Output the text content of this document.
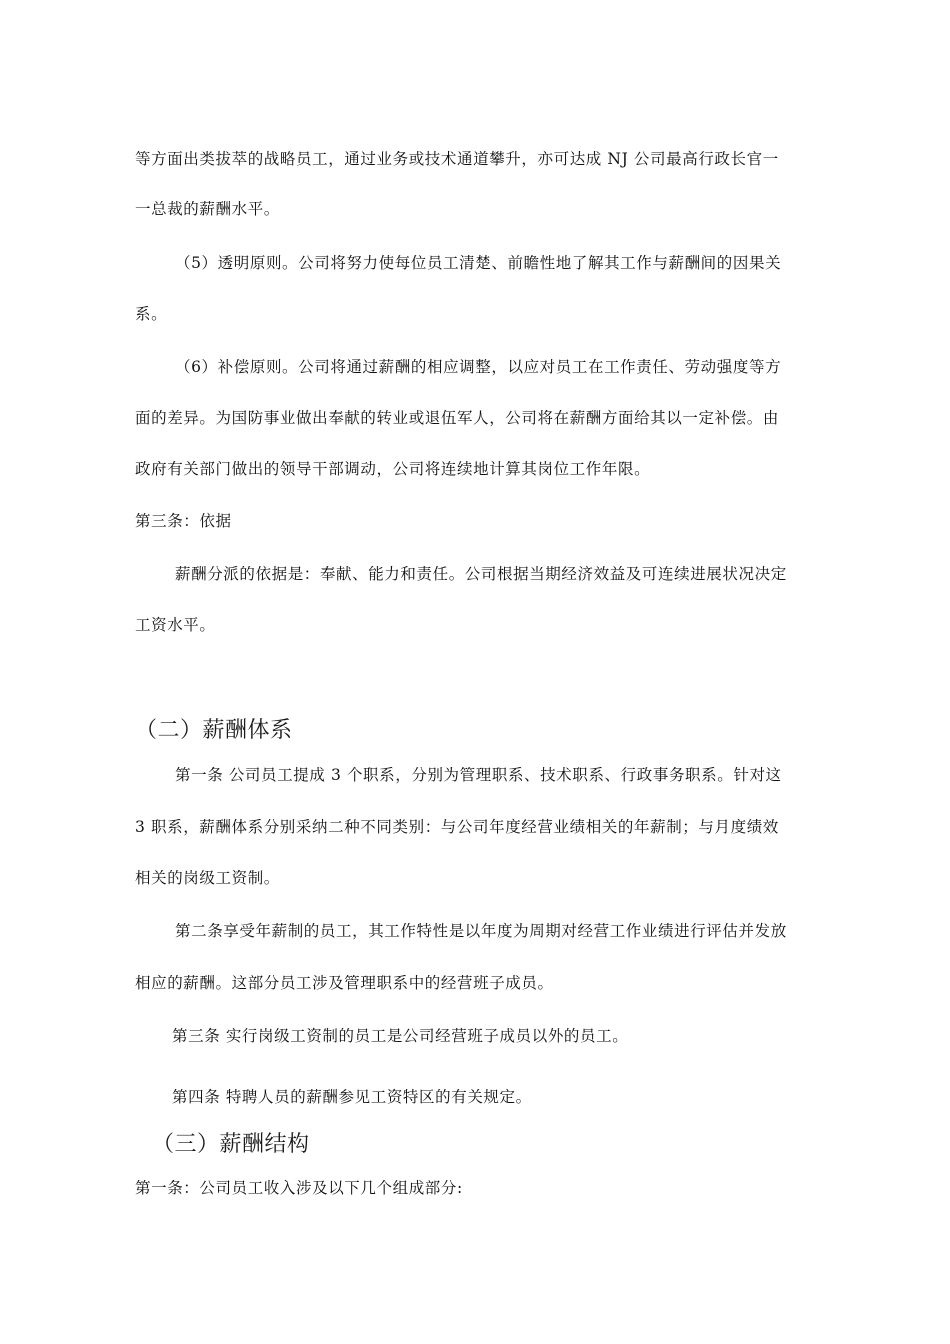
等方面出类拔萃的战略员工，通过业务或技术通道攀升，亦可达成 NJ 公司最高行政长官一

一总裁的薪酬水平。

（5）透明原则。公司将努力使每位员工清楚、前瞻性地了解其工作与薪酬间的因果关

系。

（6）补偿原则。公司将通过薪酬的相应调整，以应对员工在工作责任、劳动强度等方

面的差异。为国防事业做出奉献的转业或退伍军人，公司将在薪酬方面给其以一定补偿。由

政府有关部门做出的领导干部调动，公司将连续地计算其岗位工作年限。

第三条：依据

薪酬分派的依据是：奉献、能力和责任。公司根据当期经济效益及可连续进展状况决定

工资水平。

（二）薪酬体系

第一条 公司员工提成 3 个职系，分别为管理职系、技术职系、行政事务职系。针对这

3 职系，薪酬体系分别采纳二种不同类别：与公司年度经营业绩相关的年薪制；与月度绩效

相关的岗级工资制。

第二条享受年薪制的员工，其工作特性是以年度为周期对经营工作业绩进行评估并发放

相应的薪酬。这部分员工涉及管理职系中的经营班子成员。

第三条 实行岗级工资制的员工是公司经营班子成员以外的员工。

第四条 特聘人员的薪酬参见工资特区的有关规定。

（三）薪酬结构

第一条：公司员工收入涉及以下几个组成部分:
